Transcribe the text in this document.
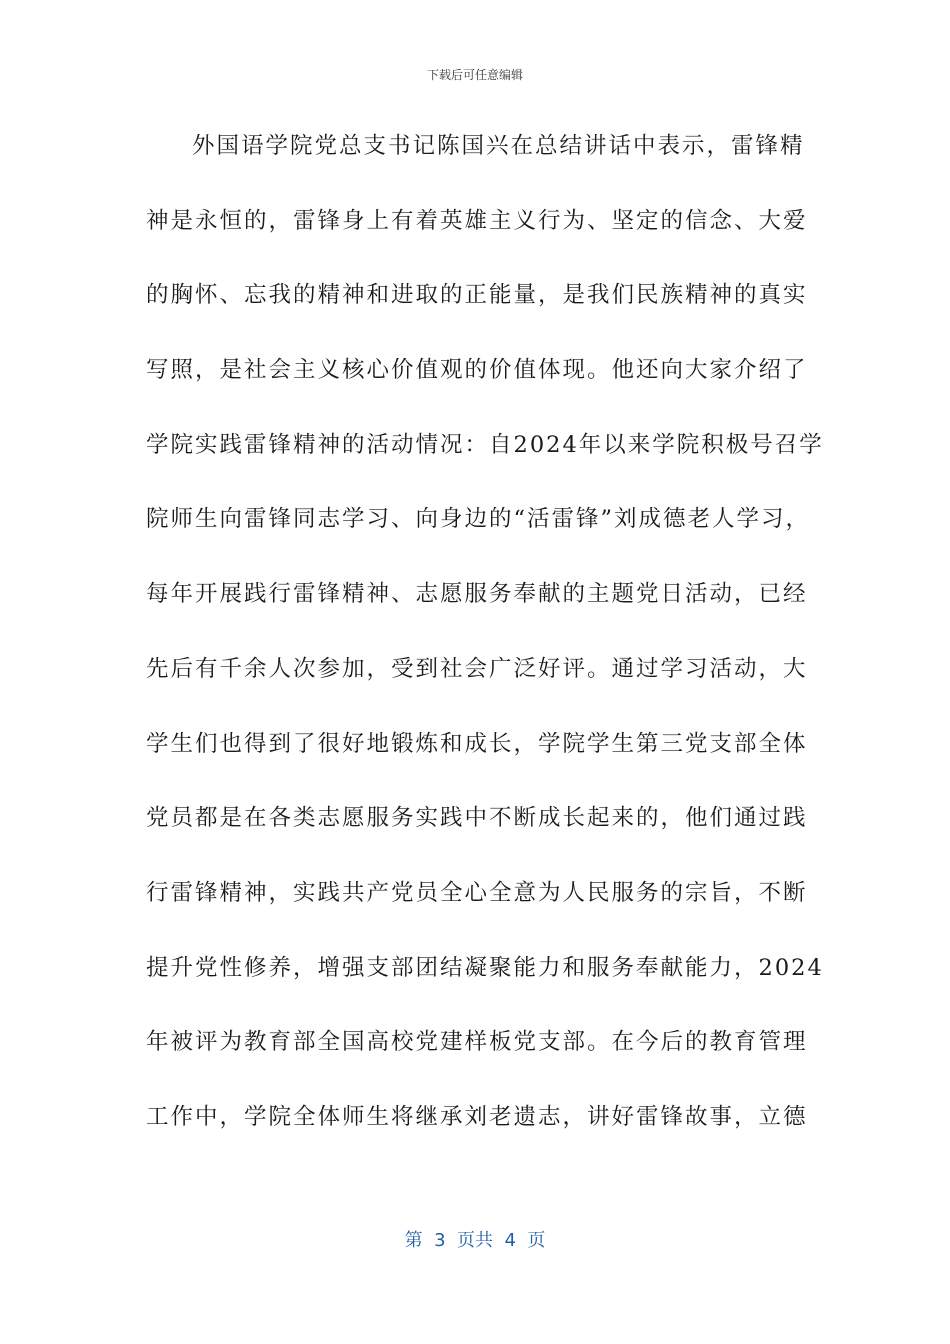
下载后可任意编辑
外国语学院党总支书记陈国兴在总结讲话中表示，雷锋精
神是永恒的，雷锋身上有着英雄主义行为、坚定的信念、大爱
的胸怀、忘我的精神和进取的正能量，是我们民族精神的真实
写照，是社会主义核心价值观的价值体现。他还向大家介绍了
学院实践雷锋精神的活动情况：自2024年以来学院积极号召学
院师生向雷锋同志学习、向身边的“活雷锋”刘成德老人学习，
每年开展践行雷锋精神、志愿服务奉献的主题党日活动，已经
先后有千余人次参加，受到社会广泛好评。通过学习活动，大
学生们也得到了很好地锻炼和成长，学院学生第三党支部全体
党员都是在各类志愿服务实践中不断成长起来的，他们通过践
行雷锋精神，实践共产党员全心全意为人民服务的宗旨，不断
提升党性修养，增强支部团结凝聚能力和服务奉献能力，2024
年被评为教育部全国高校党建样板党支部。在今后的教育管理
工作中，学院全体师生将继承刘老遗志，讲好雷锋故事，立德
第  3  页共  4  页
